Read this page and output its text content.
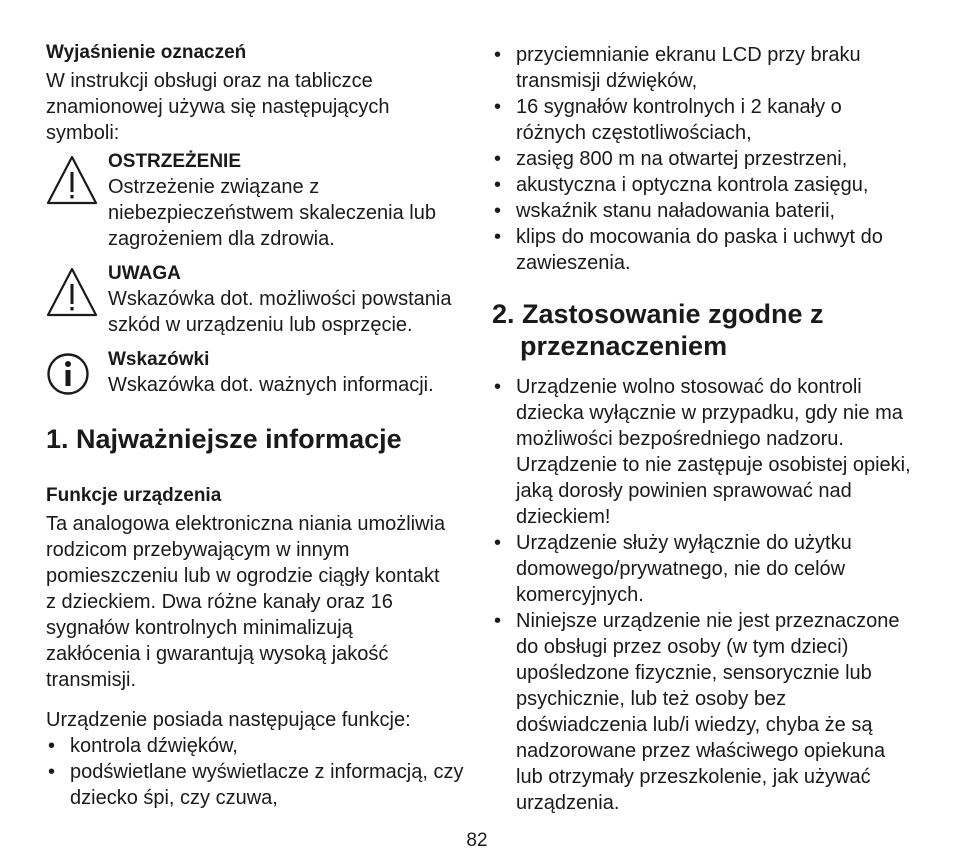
Wyjaśnienie oznaczeń

W instrukcji obsługi oraz na tabliczce znamionowej używa się następujących symboli:

OSTRZEŻENIE
Ostrzeżenie związane z niebezpieczeństwem skaleczenia lub zagrożeniem dla zdrowia.
UWAGA
Wskazówka dot. możliwości powstania szkód w urządzeniu lub osprzęcie.
Wskazówki
Wskazówka dot. ważnych informacji.
1. Najważniejsze informacje
Funkcje urządzenia

Ta analogowa elektroniczna niania umożliwia rodzicom przebywającym w innym pomieszczeniu lub w ogrodzie ciągły kontakt z dzieckiem. Dwa różne kanały oraz 16 sygnałów kontrolnych minimalizują zakłócenia i gwarantują wysoką jakość transmisji.

Urządzenie posiada następujące funkcje:

• kontrola dźwięków,
• podświetlane wyświetlacze z informacją, czy dziecko śpi, czy czuwa,
• przyciemnianie ekranu LCD przy braku transmisji dźwięków,
• 16 sygnałów kontrolnych i 2 kanały o różnych częstotliwościach,
• zasięg 800 m na otwartej przestrzeni,
• akustyczna i optyczna kontrola zasięgu,
• wskaźnik stanu naładowania baterii,
• klips do mocowania do paska i uchwyt do zawieszenia.
2. Zastosowanie zgodne z przeznaczeniem
• Urządzenie wolno stosować do kontroli dziecka wyłącznie w przypadku, gdy nie ma możliwości bezpośredniego nadzoru. Urządzenie to nie zastępuje osobistej opieki, jaką dorosły powinien sprawować nad dzieckiem!
• Urządzenie służy wyłącznie do użytku domowego/prywatnego, nie do celów komercyjnych.
• Niniejsze urządzenie nie jest przeznaczone do obsługi przez osoby (w tym dzieci) upośledzone fizycznie, sensorycznie lub psychicznie, lub też osoby bez doświadczenia lub/i wiedzy, chyba że są nadzorowane przez właściwego opiekuna lub otrzymały przeszkolenie, jak używać urządzenia.
82
